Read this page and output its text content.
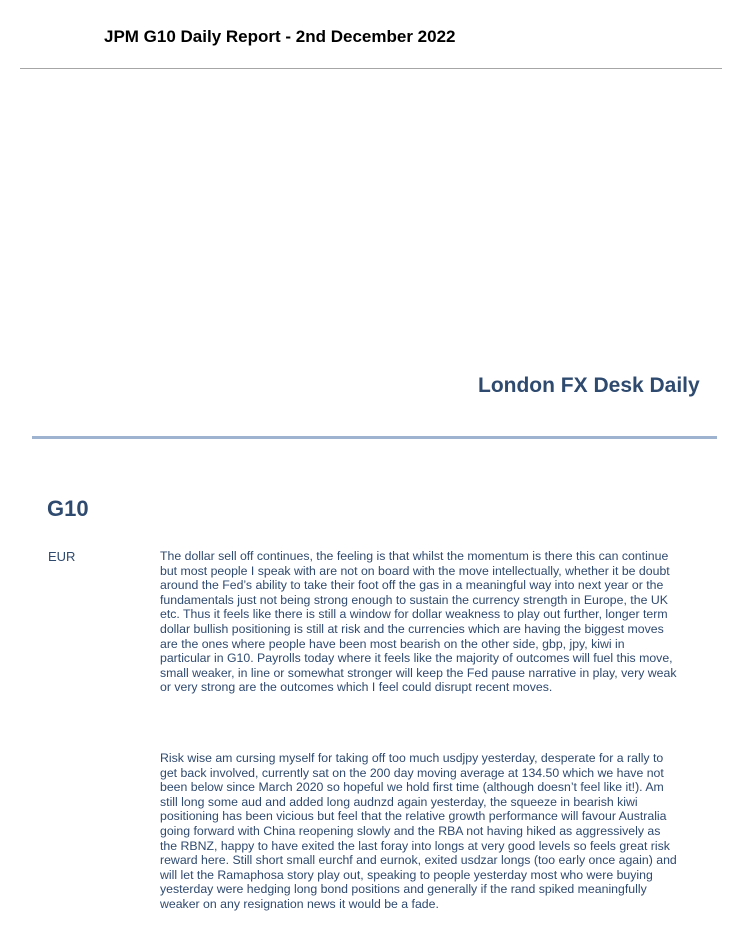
JPM G10 Daily Report - 2nd December 2022
London FX Desk Daily
G10
EUR	The dollar sell off continues, the feeling is that whilst the momentum is there this can continue but most people I speak with are not on board with the move intellectually, whether it be doubt around the Fed’s ability to take their foot off the gas in a meaningful way into next year or the fundamentals just not being strong enough to sustain the currency strength in Europe, the UK etc. Thus it feels like there is still a window for dollar weakness to play out further, longer term dollar bullish positioning is still at risk and the currencies which are having the biggest moves are the ones where people have been most bearish on the other side, gbp, jpy, kiwi in particular in G10. Payrolls today where it feels like the majority of outcomes will fuel this move, small weaker, in line or somewhat stronger will keep the Fed pause narrative in play, very weak or very strong are the outcomes which I feel could disrupt recent moves.

Risk wise am cursing myself for taking off too much usdjpy yesterday, desperate for a rally to get back involved, currently sat on the 200 day moving average at 134.50 which we have not been below since March 2020 so hopeful we hold first time (although doesn’t feel like it!). Am still long some aud and added long audnzd again yesterday, the squeeze in bearish kiwi positioning has been vicious but feel that the relative growth performance will favour Australia going forward with China reopening slowly and the RBA not having hiked as aggressively as the RBNZ, happy to have exited the last foray into longs at very good levels so feels great risk reward here. Still short small eurchf and eurnok, exited usdzar longs (too early once again) and will let the Ramaphosa story play out, speaking to people yesterday most who were buying yesterday were hedging long bond positions and generally if the rand spiked meaningfully weaker on any resignation news it would be a fade.
